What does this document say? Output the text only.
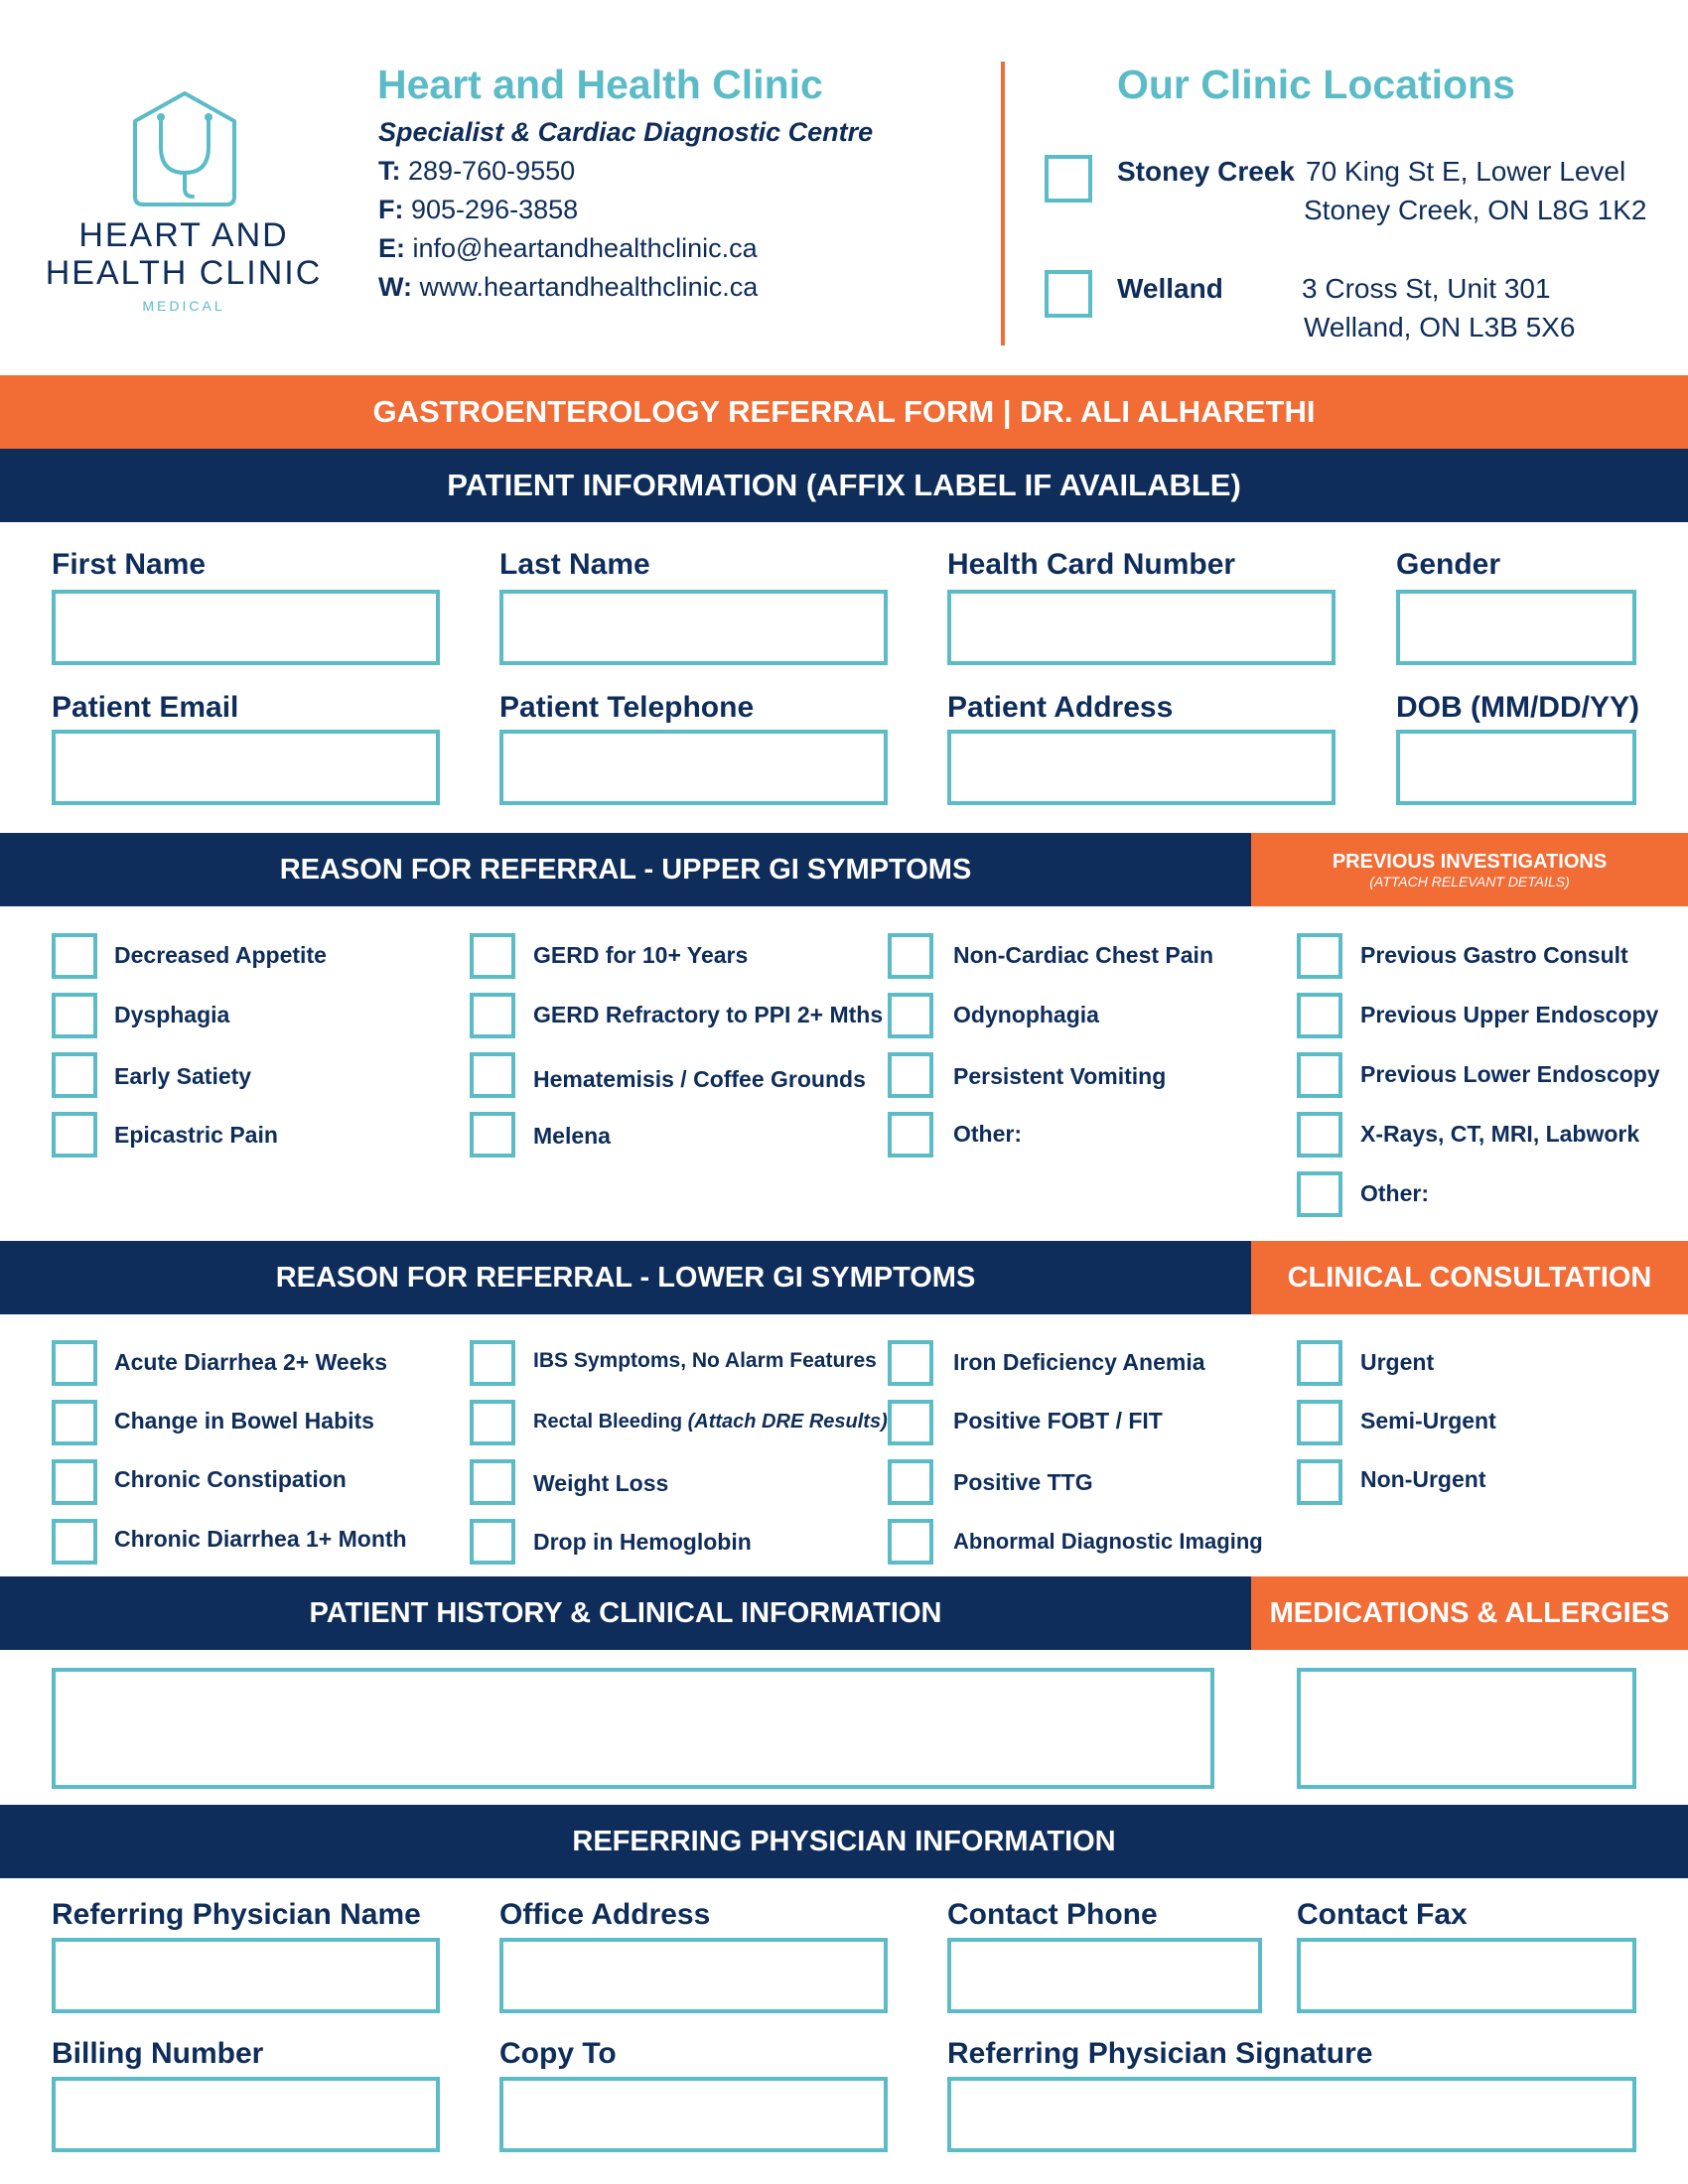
HEART AND
HEALTH CLINIC
MEDICAL
Heart and Health Clinic
Specialist & Cardiac Diagnostic Centre
T: 289-760-9550
F: 905-296-3858
E: info@heartandhealthclinic.ca
W: www.heartandhealthclinic.ca
Our Clinic Locations
Stoney Creek 70 King St E, Lower Level
Stoney Creek, ON L8G 1K2
Welland	3 Cross St, Unit 301
Welland, ON L3B 5X6
GASTROENTEROLOGY REFERRAL FORM | DR. ALI ALHARETHI
PATIENT INFORMATION (AFFIX LABEL IF AVAILABLE)
First Name	Last Name	Health Card Number	Gender
Patient Email	Patient Telephone	Patient Address	DOB (MM/DD/YY)
REASON FOR REFERRAL - UPPER GI SYMPTOMS	PREVIOUS INVESTIGATIONS
(ATTACH RELEVANT DETAILS)
Decreased Appetite
Dysphagia
Early Satiety
Epicastric Pain
GERD for 10+ Years
GERD Refractory to PPI 2+ Mths
Hematemisis / Coffee Grounds
Melena
Non-Cardiac Chest Pain
Odynophagia
Persistent Vomiting
Other:
Previous Gastro Consult
Previous Upper Endoscopy
Previous Lower Endoscopy
X-Rays, CT, MRI, Labwork
Other:
REASON FOR REFERRAL - LOWER GI SYMPTOMS	CLINICAL CONSULTATION
Acute Diarrhea 2+ Weeks
Change in Bowel Habits
Chronic Constipation
Chronic Diarrhea 1+ Month
IBS Symptoms, No Alarm Features
Rectal Bleeding (Attach DRE Results)
Weight Loss
Drop in Hemoglobin
Iron Deficiency Anemia
Positive FOBT / FIT
Positive TTG
Abnormal Diagnostic Imaging
Urgent
Semi-Urgent
Non-Urgent
PATIENT HISTORY & CLINICAL INFORMATION	MEDICATIONS & ALLERGIES
REFERRING PHYSICIAN INFORMATION
Referring Physician Name	Office Address	Contact Phone	Contact Fax
Billing Number	Copy To	Referring Physician Signature
